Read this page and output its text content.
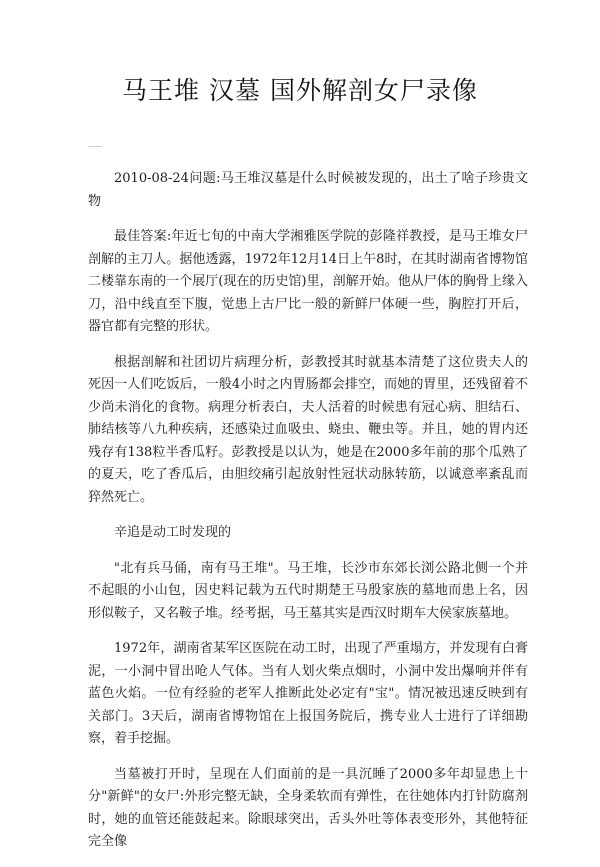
马王堆 汉墓 国外解剖女尸录像

2010-08-24问题:马王堆汉墓是什么时候被发现的，出土了啥子珍贵文物

最佳答案:年近七旬的中南大学湘雅医学院的彭隆祥教授，是马王堆女尸剖解的主刀人。据他透露，1972年12月14日上午8时，在其时湖南省博物馆二楼靠东南的一个展厅(现在的历史馆)里，剖解开始。他从尸体的胸骨上缘入刀，沿中线直至下腹，觉患上古尸比一般的新鲜尸体硬一些，胸腔打开后，器官都有完整的形状。

根据剖解和社团切片病理分析，彭教授其时就基本清楚了这位贵夫人的死因一人们吃饭后，一般4小时之内胃肠都会排空，而她的胃里，还残留着不少尚未消化的食物。病理分析表白，夫人活着的时候患有冠心病、胆结石、肺结核等八九种疾病，还感染过血吸虫、蛲虫、鞭虫等。并且，她的胃内还残存有138粒半香瓜籽。彭教授是以认为，她是在2000多年前的那个瓜熟了的夏天，吃了香瓜后，由胆绞痛引起放射性冠状动脉转筋，以诚意率紊乱而猝然死亡。

辛追是动工时发现的

"北有兵马俑，南有马王堆"。马王堆，长沙市东郊长浏公路北侧一个并不起眼的小山包，因史料记载为五代时期楚王马殷家族的墓地而患上名，因形似鞍子，又名鞍子堆。经考据，马王墓其实是西汉时期车大侯家族墓地。

1972年，湖南省某军区医院在动工时，出现了严重塌方，并发现有白膏泥，一小洞中冒出呛人气体。当有人划火柴点烟时，小洞中发出爆响并伴有蓝色火焰。一位有经验的老军人推断此处必定有"宝"。情况被迅速反映到有关部门。3天后，湖南省博物馆在上报国务院后，携专业人士进行了详细勘察，着手挖掘。

当墓被打开时，呈现在人们面前的是一具沉睡了2000多年却显患上十分"新鲜"的女尸:外形完整无缺，全身柔软而有弹性，在往她体内打针防腐剂时，她的血管还能鼓起来。除眼球突出，舌头外吐等体表变形外，其他特征完全像
